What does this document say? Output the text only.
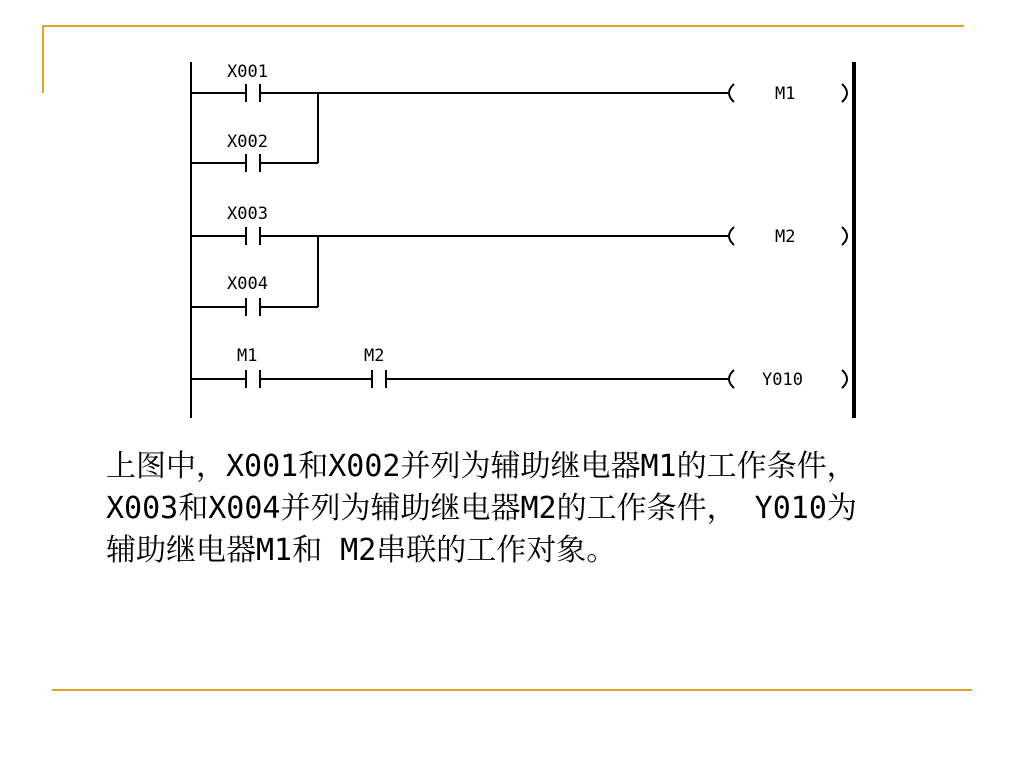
X001
X002
X003
X004
M1	M2
M1
M2
Y010

上图中，X001和X002并列为辅助继电器M1的工作条件，
X003和X004并列为辅助继电器M2的工作条件， Y010为
辅助继电器M1和 M2串联的工作对象。
